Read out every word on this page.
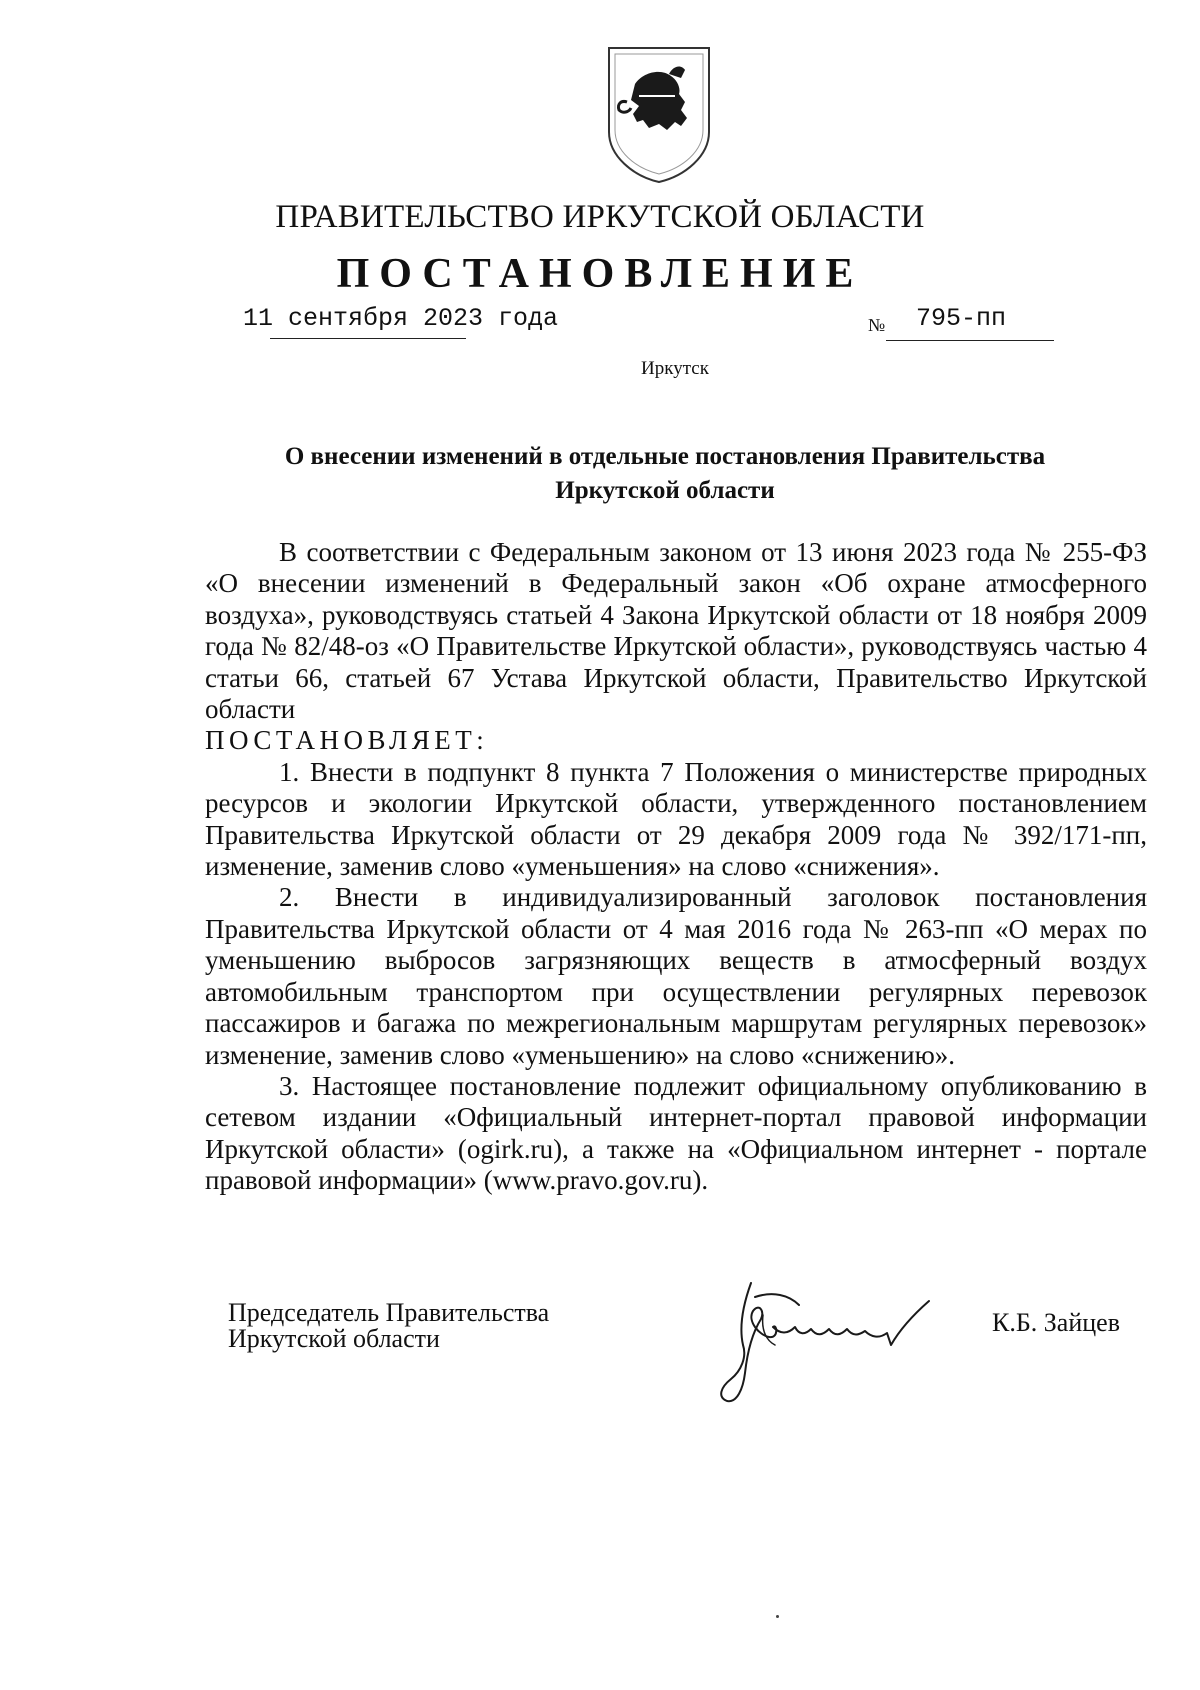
ПРАВИТЕЛЬСТВО ИРКУТСКОЙ ОБЛАСТИ
ПОСТАНОВЛЕНИЕ
11 сентября 2023 года	№ 795-пп
Иркутск
О внесении изменений в отдельные постановления Правительства Иркутской области

В соответствии с Федеральным законом от 13 июня 2023 года № 255-ФЗ «О внесении изменений в Федеральный закон «Об охране атмосферного воздуха», руководствуясь статьей 4 Закона Иркутской области от 18 ноября 2009 года № 82/48-оз «О Правительстве Иркутской области», руководствуясь частью 4 статьи 66, статьей 67 Устава Иркутской области, Правительство Иркутской области

ПОСТАНОВЛЯЕТ:

1. Внести в подпункт 8 пункта 7 Положения о министерстве природных ресурсов и экологии Иркутской области, утвержденного постановлением Правительства Иркутской области от 29 декабря 2009 года № 392/171-пп, изменение, заменив слово «уменьшения» на слово «снижения».

2. Внести в индивидуализированный заголовок постановления Правительства Иркутской области от 4 мая 2016 года № 263-пп «О мерах по уменьшению выбросов загрязняющих веществ в атмосферный воздух автомобильным транспортом при осуществлении регулярных перевозок пассажиров и багажа по межрегиональным маршрутам регулярных перевозок» изменение, заменив слово «уменьшению» на слово «снижению».

3. Настоящее постановление подлежит официальному опубликованию в сетевом издании «Официальный интернет-портал правовой информации Иркутской области» (ogirk.ru), а также на «Официальном интернет - портале правовой информации» (www.pravo.gov.ru).

Председатель Правительства
Иркутской области
К.Б. Зайцев
